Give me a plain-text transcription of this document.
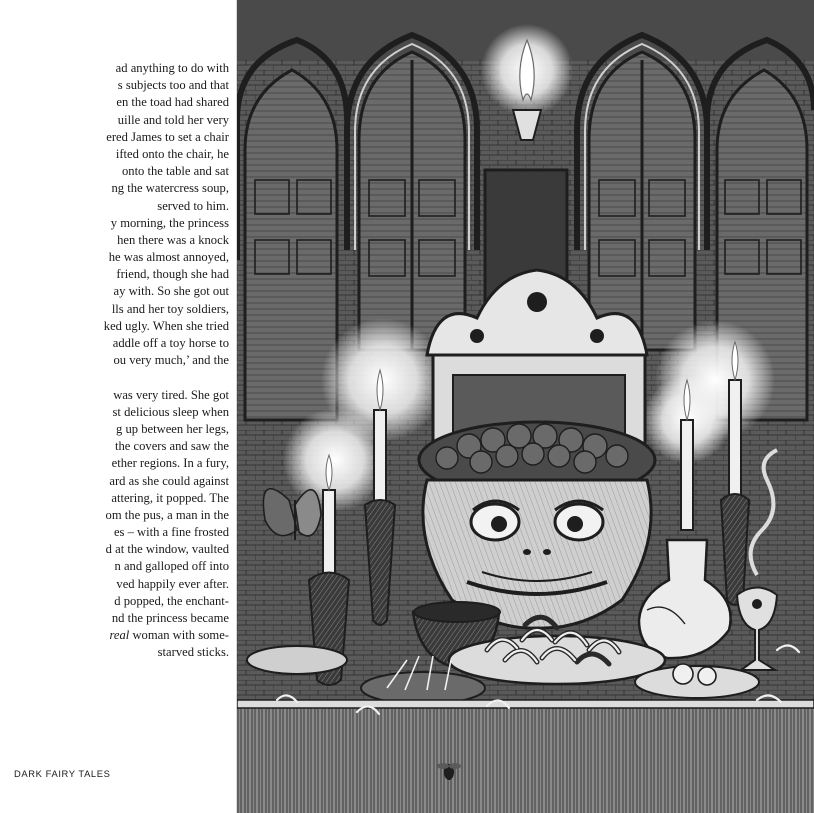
ad anything to do with
s subjects too and that
en the toad had shared
uille and told her very
ered James to set a chair
ifted onto the chair, he
onto the table and sat
ng the watercress soup,
served to him.
y morning, the princess
hen there was a knock
he was almost annoyed,
friend, though she had
ay with. So she got out
lls and her toy soldiers,
ked ugly. When she tried
addle off a toy horse to
ou very much,’ and the
was very tired. She got
st delicious sleep when
g up between her legs,
the covers and saw the
ether regions. In a fury,
ard as she could against
attering, it popped. The
om the pus, a man in the
es – with a fine frosted
d at the window, vaulted
n and galloped off into
ved happily ever after.
d popped, the enchant-
nd the princess became
real woman with some-
starved sticks.
DARK FAIRY TALES
